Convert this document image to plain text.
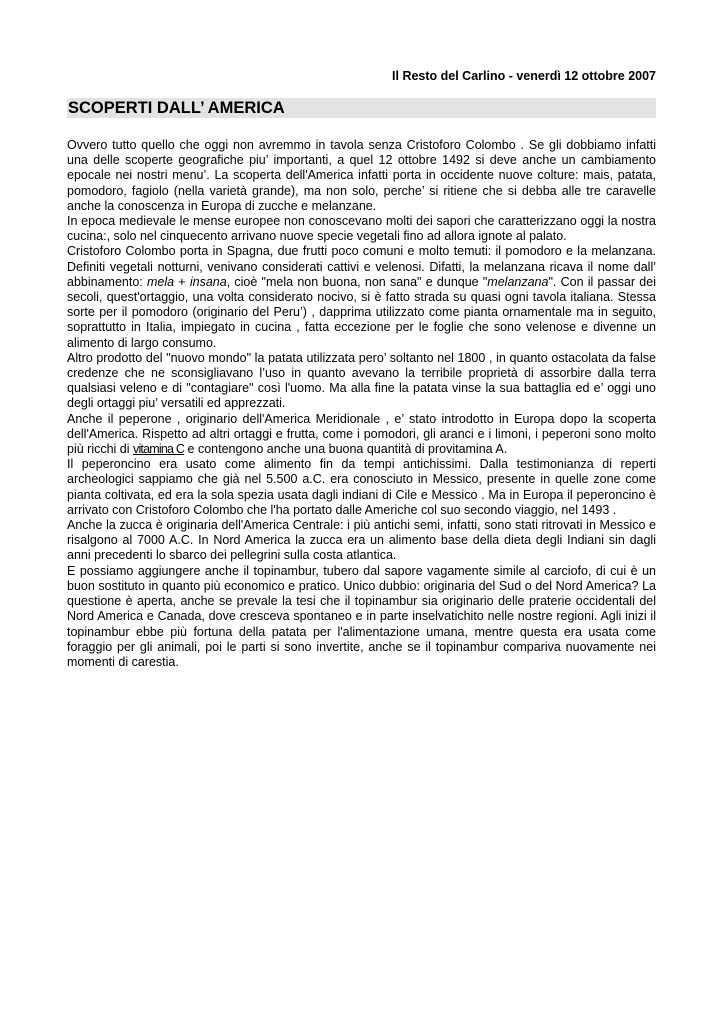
Il Resto del Carlino - venerdì 12 ottobre 2007
SCOPERTI DALL’ AMERICA

Ovvero tutto quello che oggi non avremmo in tavola senza Cristoforo Colombo . Se gli dobbiamo infatti una delle scoperte geografiche piu’ importanti, a quel 12 ottobre 1492 si deve anche un cambiamento epocale nei nostri menu’. La scoperta dell'America infatti porta in occidente nuove colture: mais, patata, pomodoro, fagiolo (nella varietà grande), ma non solo, perche’ si ritiene che si debba alle tre caravelle anche la conoscenza in Europa di zucche e melanzane.

In epoca medievale le mense europee non conoscevano molti dei sapori che caratterizzano oggi la nostra cucina:, solo nel cinquecento arrivano nuove specie vegetali fino ad allora ignote al palato.

Cristoforo Colombo porta in Spagna, due frutti poco comuni e molto temuti: il pomodoro e la melanzana. Definiti vegetali notturni, venivano considerati cattivi e velenosi. Difatti, la melanzana ricava il nome dall’ abbinamento: mela + insana, cioè "mela non buona, non sana" e dunque "melanzana". Con il passar dei secoli, quest'ortaggio, una volta considerato nocivo, si è fatto strada su quasi ogni tavola italiana. Stessa sorte per il pomodoro (originario del Peru’) , dapprima utilizzato come pianta ornamentale ma in seguito, soprattutto in Italia, impiegato in cucina , fatta eccezione per le foglie che sono velenose e divenne un alimento di largo consumo.

Altro prodotto del "nuovo mondo" la patata utilizzata pero’ soltanto nel 1800 , in quanto ostacolata da false credenze che ne sconsigliavano l’uso in quanto avevano la terribile proprietà di assorbire dalla terra qualsiasi veleno e di "contagiare" così l'uomo. Ma alla fine la patata vinse la sua battaglia ed e’ oggi uno degli ortaggi piu’ versatili ed apprezzati.

Anche il peperone , originario dell'America Meridionale , e’ stato introdotto in Europa dopo la scoperta dell'America. Rispetto ad altri ortaggi e frutta, come i pomodori, gli aranci e i limoni, i peperoni sono molto più ricchi di vitamina C e contengono anche una buona quantità di provitamina A.

Il peperoncino era usato come alimento fin da tempi antichissimi. Dalla testimonianza di reperti archeologici sappiamo che già nel 5.500 a.C. era conosciuto in Messico, presente in quelle zone come pianta coltivata, ed era la sola spezia usata dagli indiani di Cile e Messico . Ma in Europa il peperoncino è arrivato con Cristoforo Colombo che l'ha portato dalle Americhe col suo secondo viaggio, nel 1493 .

Anche la zucca è originaria dell'America Centrale: i più antichi semi, infatti, sono stati ritrovati in Messico e risalgono al 7000 A.C. In Nord America la zucca era un alimento base della dieta degli Indiani sin dagli anni precedenti lo sbarco dei pellegrini sulla costa atlantica.

E possiamo aggiungere anche il topinambur, tubero dal sapore vagamente simile al carciofo, di cui è un buon sostituto in quanto più economico e pratico. Unico dubbio: originaria del Sud o del Nord America? La questione è aperta, anche se prevale la tesi che il topinambur sia originario delle praterie occidentali del Nord America e Canada, dove cresceva spontaneo e in parte inselvatichito nelle nostre regioni. Agli inizi il topinambur ebbe più fortuna della patata per l'alimentazione umana, mentre questa era usata come foraggio per gli animali, poi le parti si sono invertite, anche se il topinambur compariva nuovamente nei momenti di carestia.
